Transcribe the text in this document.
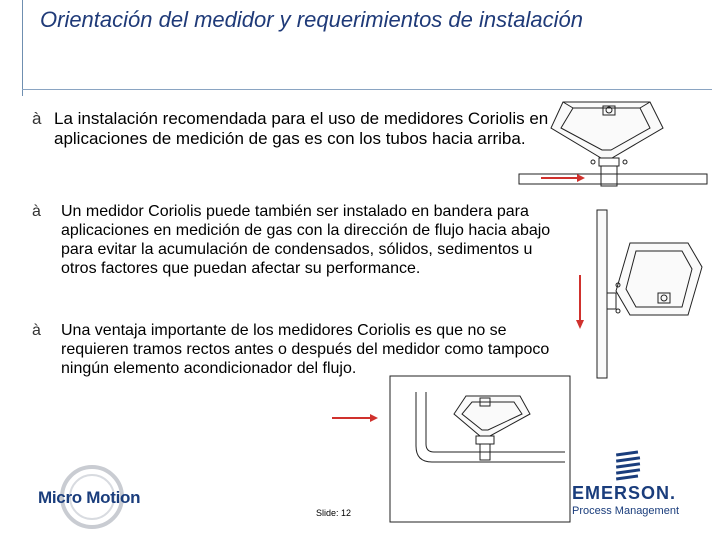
Orientación del medidor y requerimientos de instalación
à La instalación recomendada para el uso de medidores Coriolis en aplicaciones de medición de gas es con los tubos hacia arriba.
à	Un medidor Coriolis puede también ser instalado en bandera para aplicaciones en medición de gas con la dirección de flujo hacia abajo para evitar la acumulación de condensados, sólidos, sedimentos u otros factores que puedan afectar su performance.
à	Una ventaja importante de los medidores Coriolis es que no se requieren tramos rectos antes o después del medidor como tampoco ningún elemento acondicionador del flujo.
Micro Motion
Slide: 12
EMERSON.
Process Management
